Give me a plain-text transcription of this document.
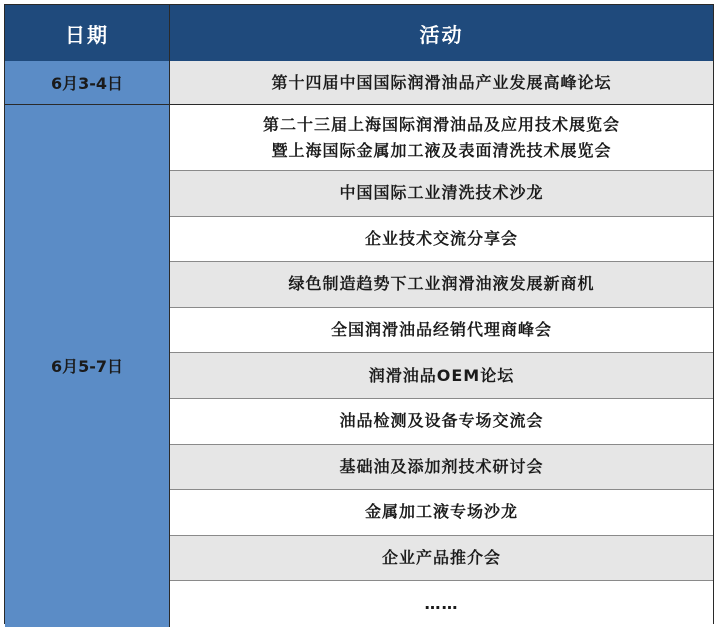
日期	活动
6月3-4日
6月5-7日
第十四届中国国际润滑油品产业发展高峰论坛
第二十三届上海国际润滑油品及应用技术展览会
暨上海国际金属加工液及表面清洗技术展览会
中国国际工业清洗技术沙龙
企业技术交流分享会
绿色制造趋势下工业润滑油液发展新商机
全国润滑油品经销代理商峰会
润滑油品OEM论坛
油品检测及设备专场交流会
基础油及添加剂技术研讨会
金属加工液专场沙龙
企业产品推介会
……
